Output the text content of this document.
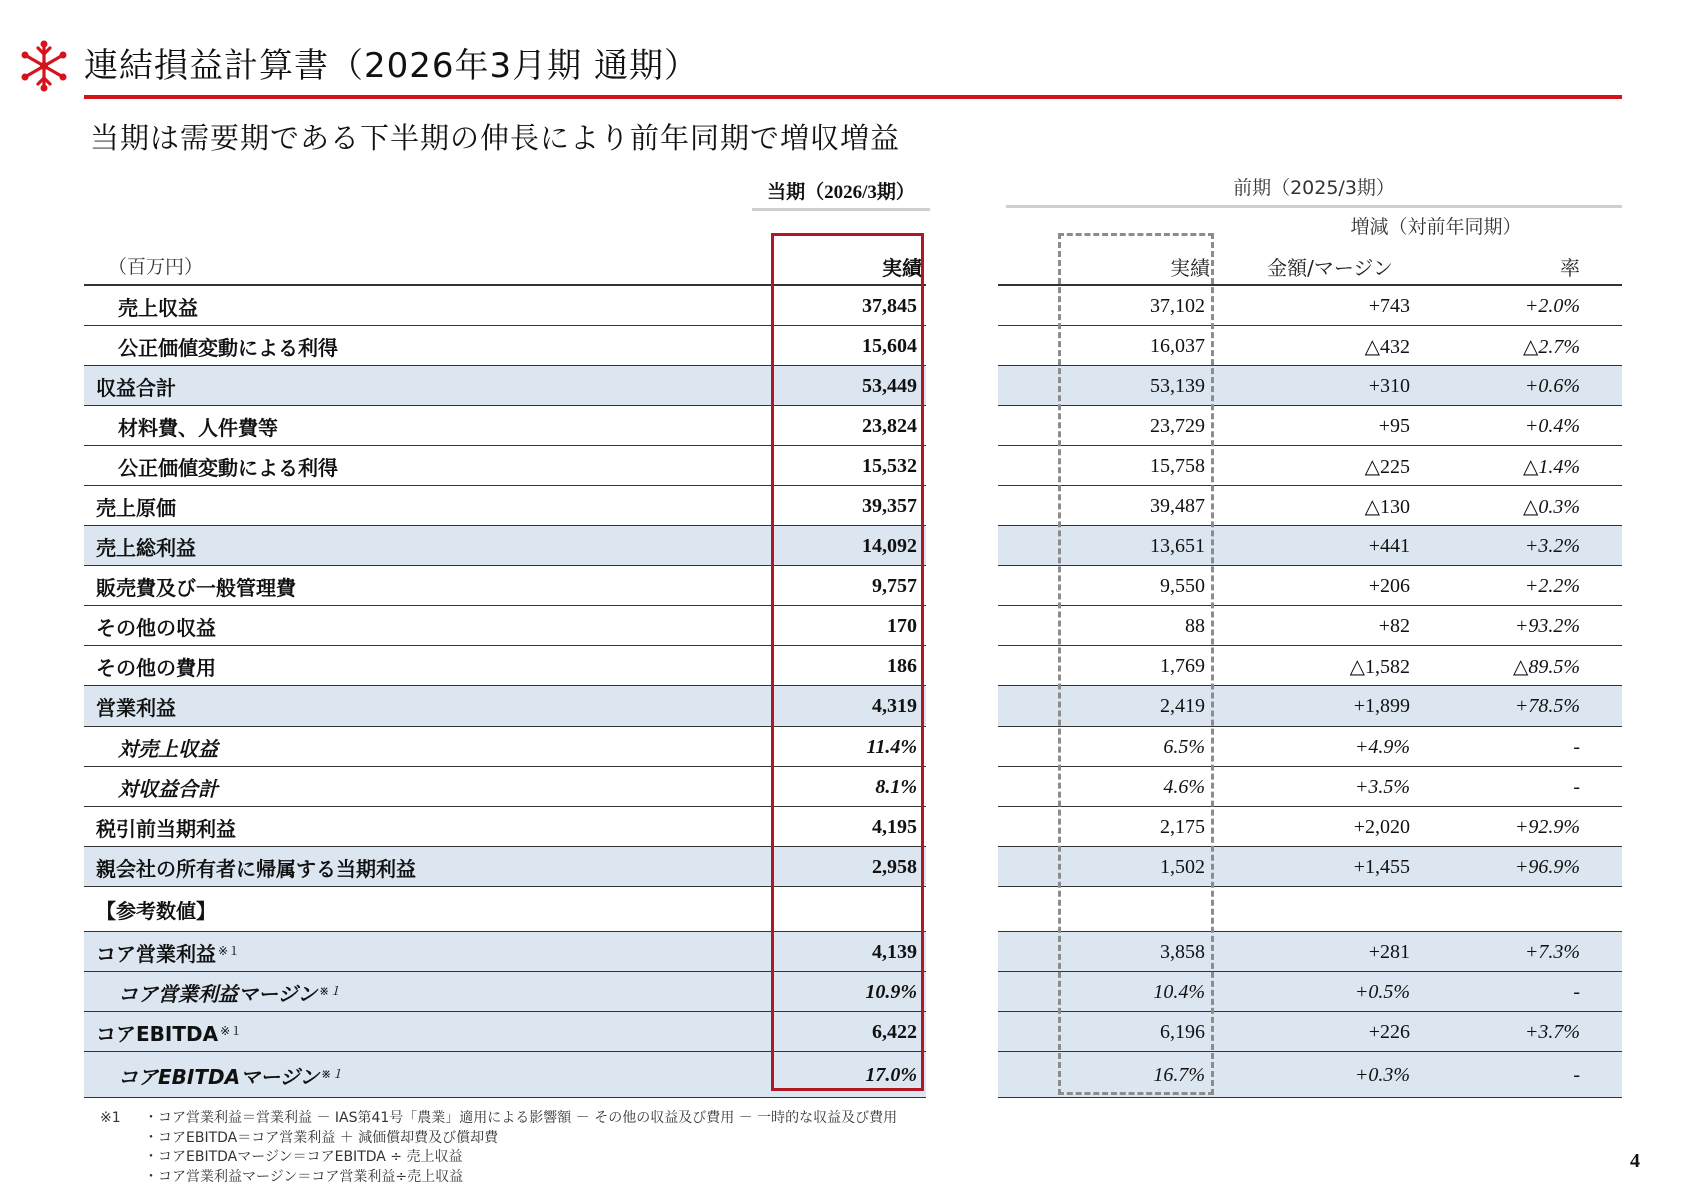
連結損益計算書（2026年3月期 通期）
当期は需要期である下半期の伸長により前年同期で増収増益
当期（2026/3期）	前期（2025/3期）
増減（対前年同期）
（百万円）	実績	実績	金額/マージン	率
売上収益	37,845	37,102	+743	+2.0%
公正価値変動による利得	15,604	16,037	△432	△2.7%
収益合計	53,449	53,139	+310	+0.6%
材料費、人件費等	23,824	23,729	+95	+0.4%
公正価値変動による利得	15,532	15,758	△225	△1.4%
売上原価	39,357	39,487	△130	△0.3%
売上総利益	14,092	13,651	+441	+3.2%
販売費及び一般管理費	9,757	9,550	+206	+2.2%
その他の収益	170	88	+82	+93.2%
その他の費用	186	1,769	△1,582	△89.5%
営業利益	4,319	2,419	+1,899	+78.5%
対売上収益	11.4%	6.5%	+4.9%	-
対収益合計	8.1%	4.6%	+3.5%	-
税引前当期利益	4,195	2,175	+2,020	+92.9%
親会社の所有者に帰属する当期利益	2,958	1,502	+1,455	+96.9%
【参考数値】
コア営業利益$^{※1}$	4,139	3,858	+281	+7.3%
コア営業利益マージン$^{※1}$	10.9%	10.4%	+0.5%	-
コアEBITDA$^{※1}$	6,422	6,196	+226	+3.7%
コアEBITDAマージン$^{※1}$	17.0%	16.7%	+0.3%	-
※1 ・コア営業利益＝営業利益 － IAS第41号「農業」適用による影響額 － その他の収益及び費用 － 一時的な収益及び費用
・コアEBITDA＝コア営業利益 ＋ 減価償却費及び償却費
・コアEBITDAマージン＝コアEBITDA ÷ 売上収益
・コア営業利益マージン＝コア営業利益÷売上収益
4
